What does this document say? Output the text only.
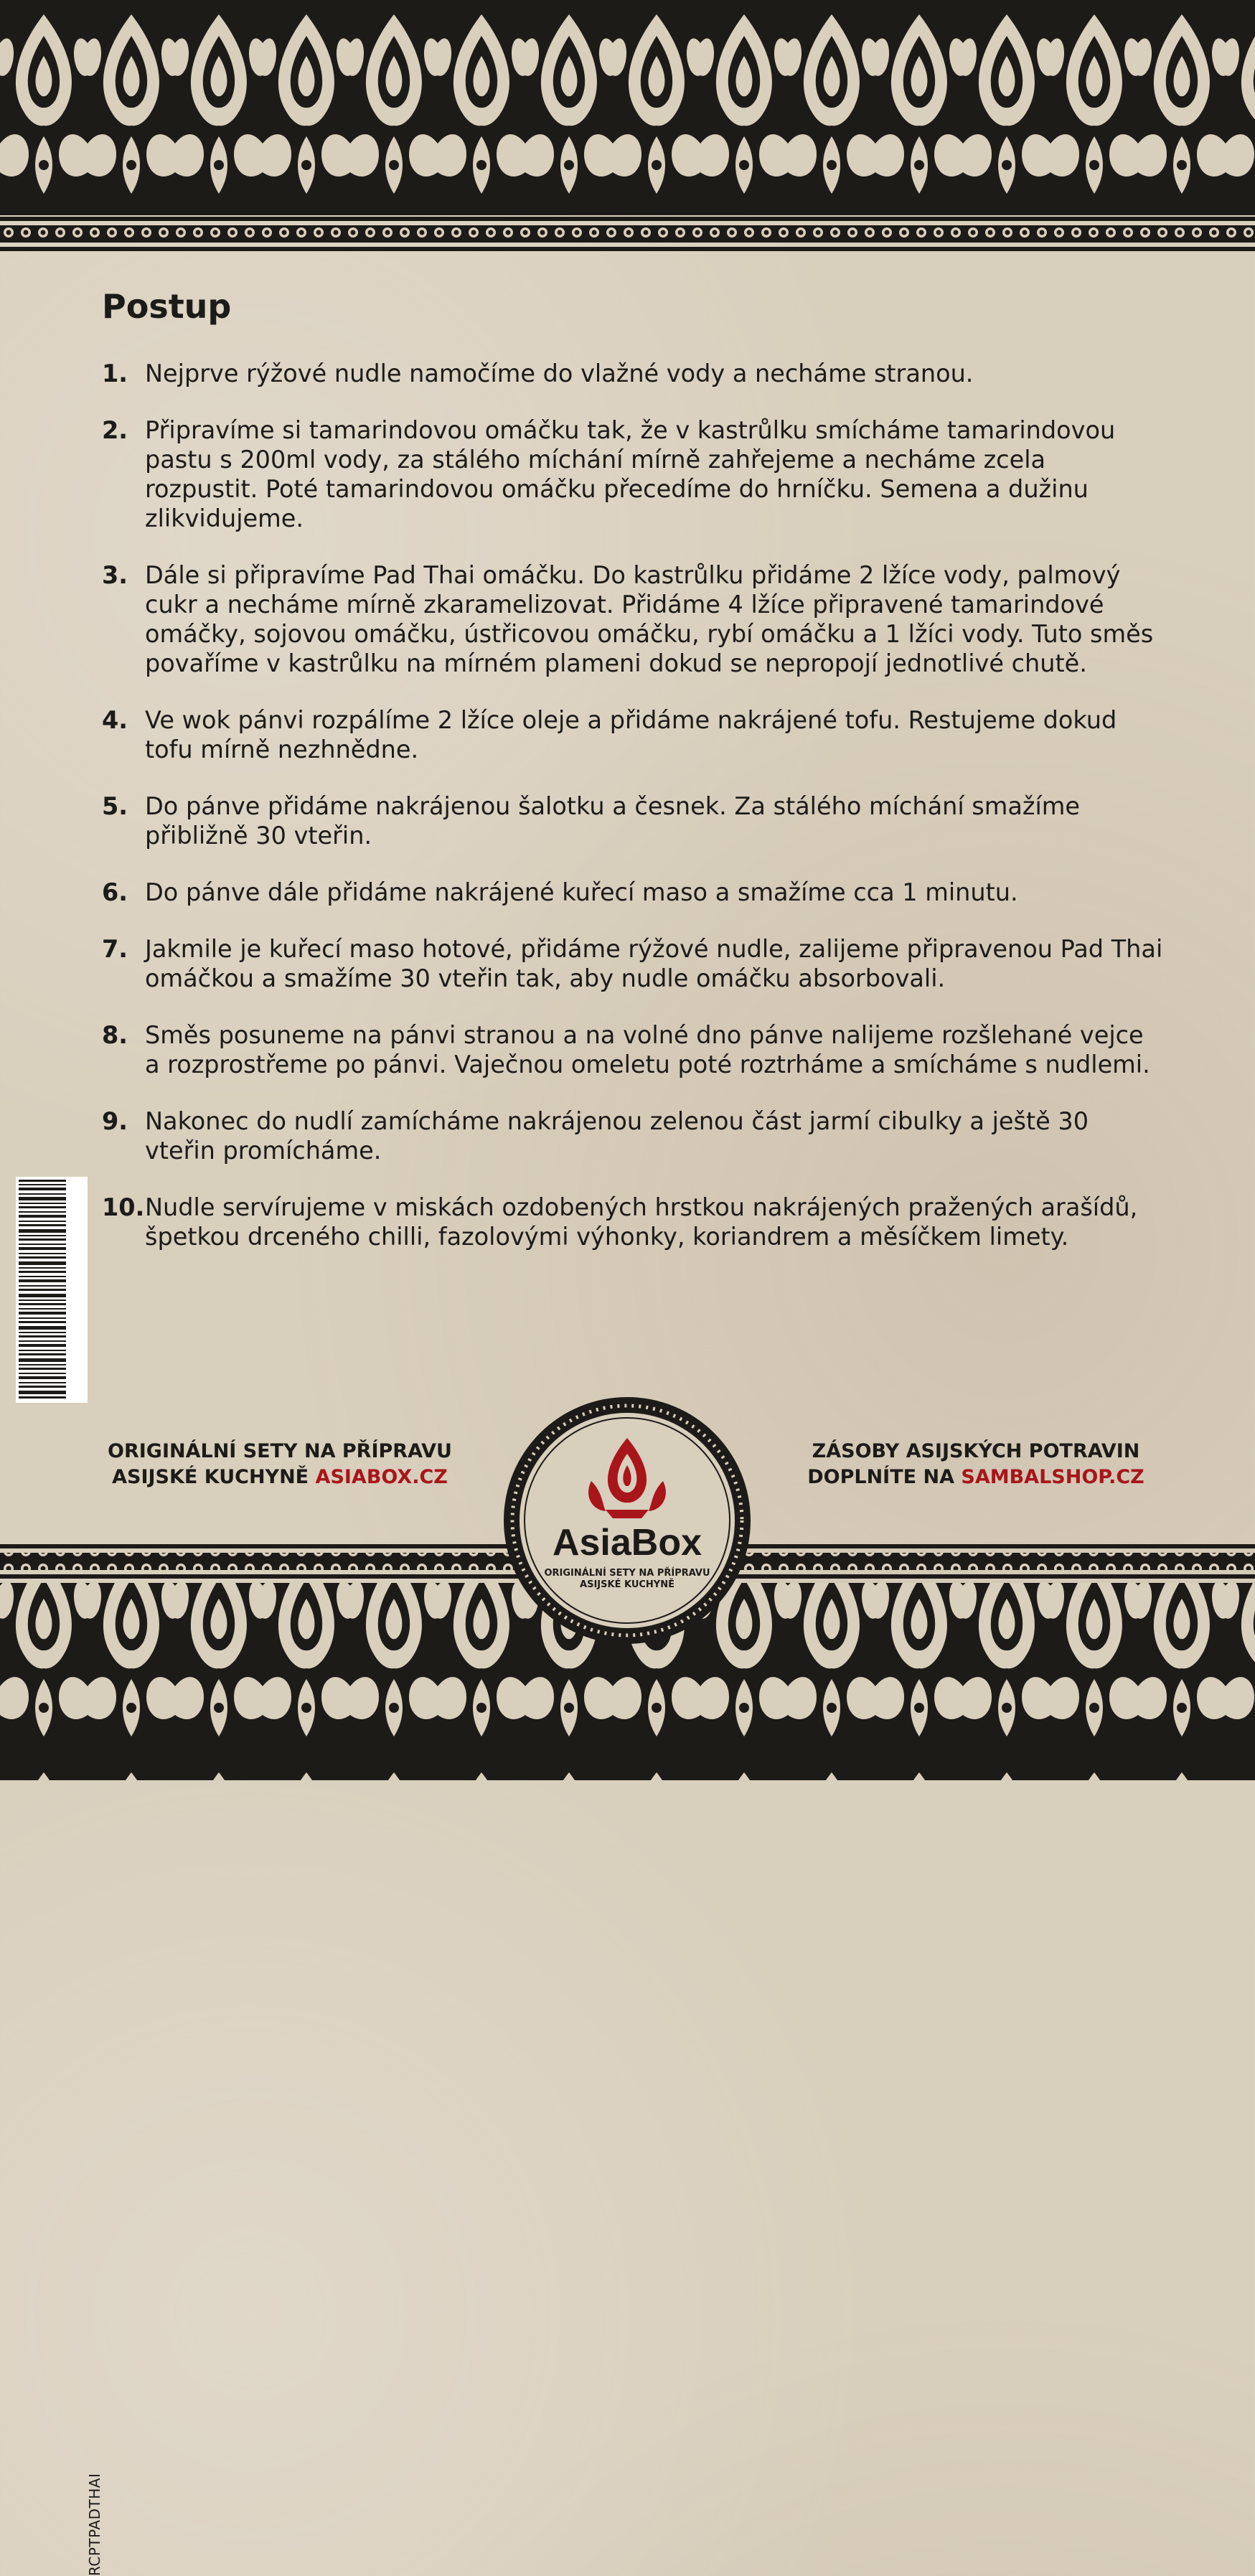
Postup
1. Nejprve rýžové nudle namočíme do vlažné vody a necháme stranou.
2. Připravíme si tamarindovou omáčku tak, že v kastrůlku smícháme tamarindovou pastu s 200ml vody, za stálého míchání mírně zahřejeme a necháme zcela rozpustit. Poté tamarindovou omáčku přecedíme do hrníčku. Semena a dužinu zlikvidujeme.
3. Dále si připravíme Pad Thai omáčku. Do kastrůlku přidáme 2 lžíce vody, palmový cukr a necháme mírně zkaramelizovat. Přidáme 4 lžíce připravené tamarindové omáčky, sojovou omáčku, ústřicovou omáčku, rybí omáčku a 1 lžíci vody. Tuto směs povaříme v kastrůlku na mírném plameni dokud se nepropojí jednotlivé chutě.
4. Ve wok pánvi rozpálíme 2 lžíce oleje a přidáme nakrájené tofu. Restujeme dokud tofu mírně nezhnědne.
5. Do pánve přidáme nakrájenou šalotku a česnek. Za stálého míchání smažíme přibližně 30 vteřin.
6. Do pánve dále přidáme nakrájené kuřecí maso a smažíme cca 1 minutu.
7. Jakmile je kuřecí maso hotové, přidáme rýžové nudle, zalijeme připravenou Pad Thai omáčkou a smažíme 30 vteřin tak, aby nudle omáčku absorbovali.
8. Směs posuneme na pánvi stranou a na volné dno pánve nalijeme rozšlehané vejce a rozprostřeme po pánvi. Vaječnou omeletu poté roztrháme a smícháme s nudlemi.
9. Nakonec do nudlí zamícháme nakrájenou zelenou část jarmí cibulky a ještě 30 vteřin promícháme.
10. Nudle servírujeme v miskách ozdobených hrstkou nakrájených pražených arašídů, špetkou drceného chilli, fazolovými výhonky, koriandrem a měsíčkem limety.
RCPTPADTHAI
ORIGINÁLNÍ SETY NA PŘÍPRAVU
ASIJSKÉ KUCHYNĚ ASIABOX.CZ
ZÁSOBY ASIJSKÝCH POTRAVIN
DOPLNÍTE NA SAMBALSHOP.CZ
AsiaBox
ORIGINÁLNÍ SETY NA PŘÍPRAVU
ASIJSKÉ KUCHYNĚ
